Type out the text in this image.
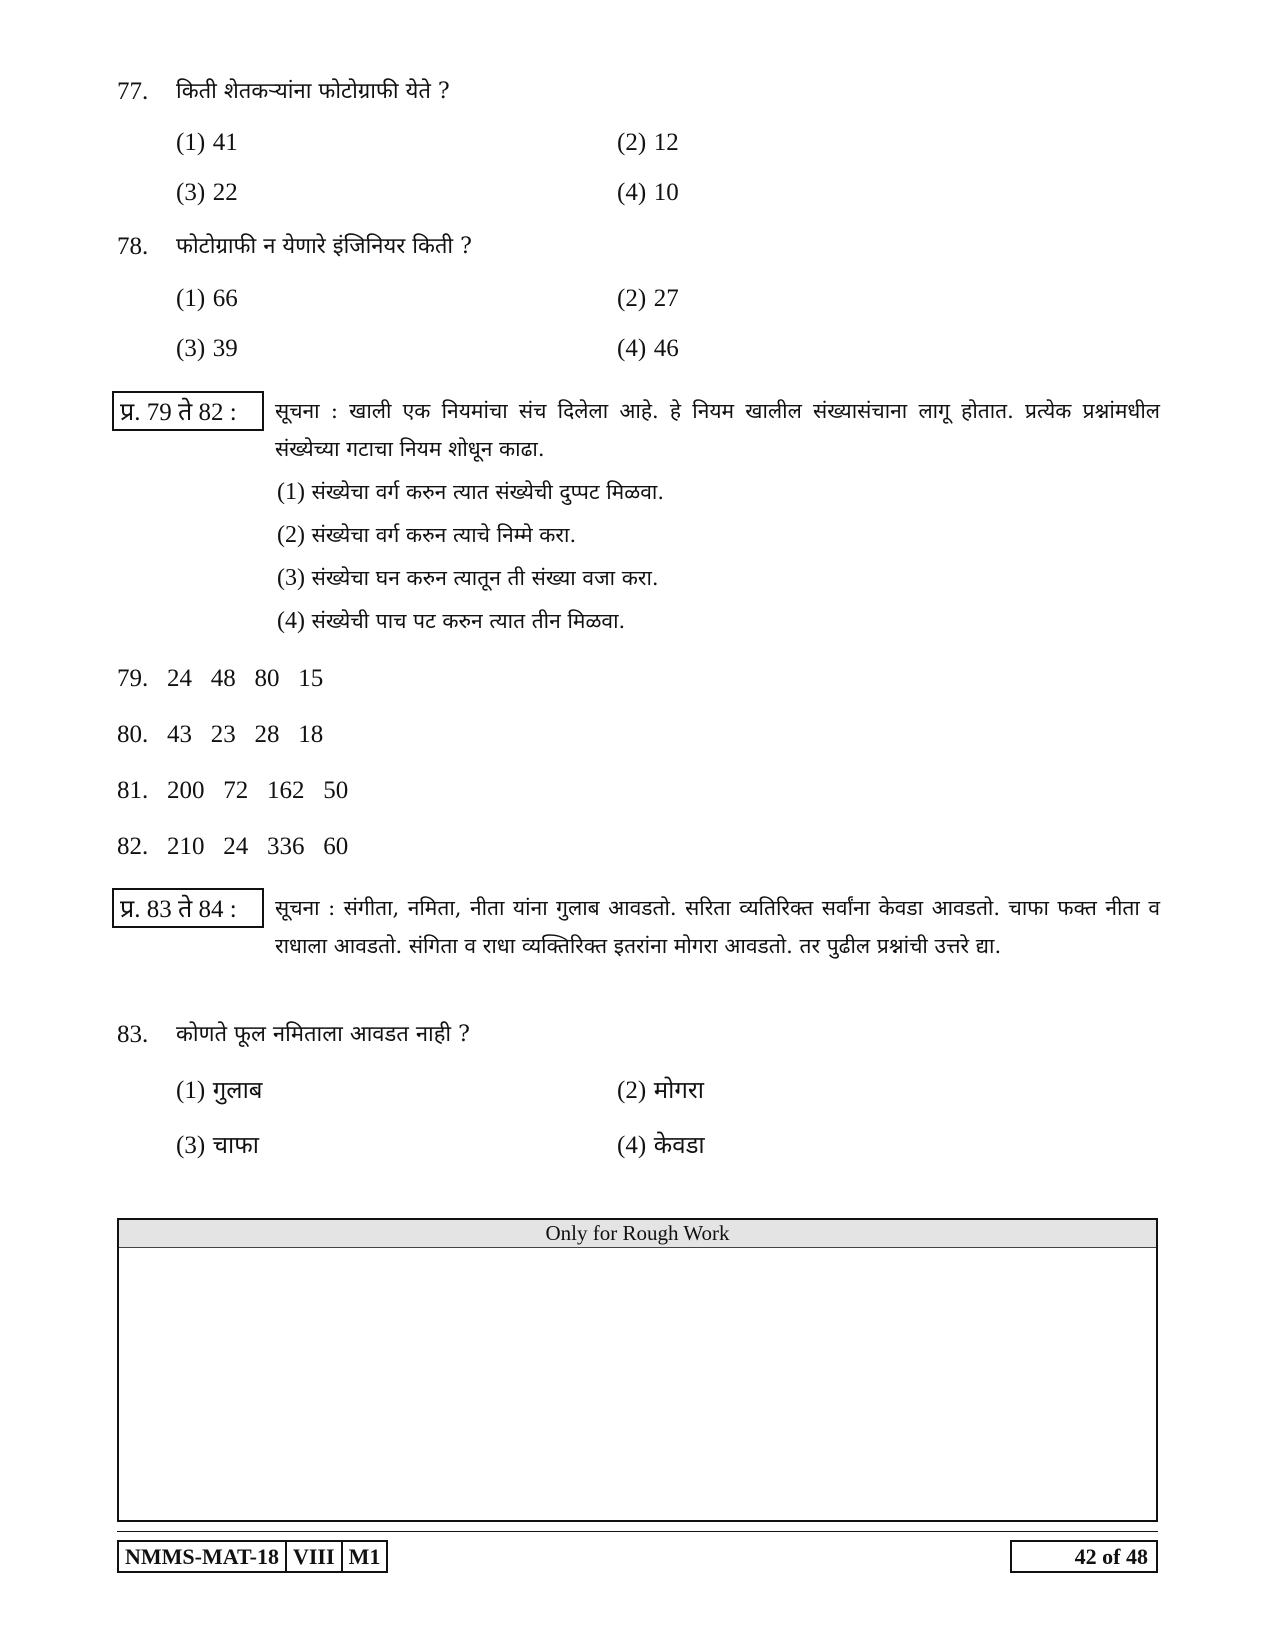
77. किती शेतकऱ्यांना फोटोग्राफी येते ?
(1) 41	(2) 12
(3) 22	(4) 10
78. फोटोग्राफी न येणारे इंजिनियर किती ?
(1) 66	(2) 27
(3) 39	(4) 46
प्र. 79 ते 82 :	सूचना : खाली एक नियमांचा संच दिलेला आहे. हे नियम खालील संख्यासंचाना लागू होतात. प्रत्येक प्रश्नांमधील संख्येच्या गटाचा नियम शोधून काढा.
(1) संख्येचा वर्ग करुन त्यात संख्येची दुप्पट मिळवा.
(2) संख्येचा वर्ग करुन त्याचे निम्मे करा.
(3) संख्येचा घन करुन त्यातून ती संख्या वजा करा.
(4) संख्येची पाच पट करुन त्यात तीन मिळवा.
79. 24   48   80   15
80. 43   23   28   18
81. 200   72   162   50
82. 210   24   336   60
प्र. 83 ते 84 :	सूचना : संगीता, नमिता, नीता यांना गुलाब आवडतो. सरिता व्यतिरिक्त सर्वांना केवडा आवडतो. चाफा फक्त नीता व राधाला आवडतो. संगिता व राधा व्यक्तिरिक्त इतरांना मोगरा आवडतो. तर पुढील प्रश्नांची उत्तरे द्या.
83. कोणते फूल नमिताला आवडत नाही ?
(1) गुलाब	(2) मोगरा
(3) चाफा	(4) केवडा
Only for Rough Work
NMMS-MAT-18 VIII M1	42 of 48
